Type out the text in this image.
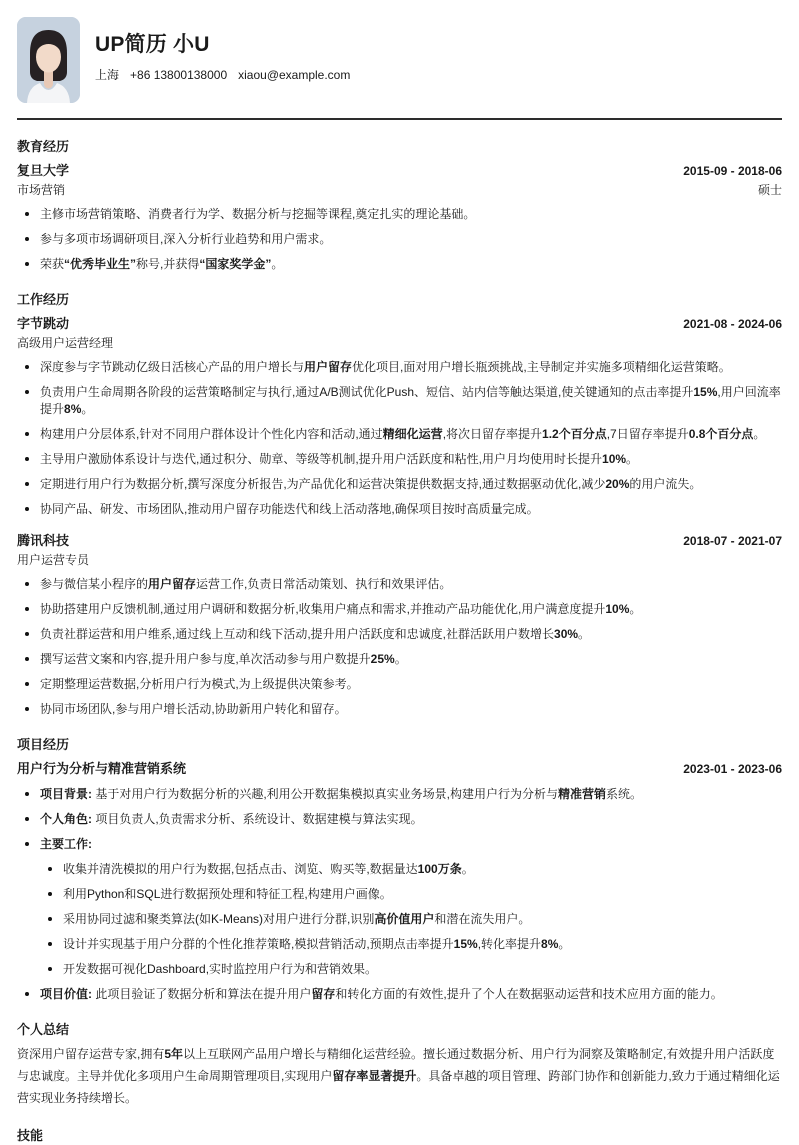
UP简历 小U
上海 +86 13800138000 xiaou@example.com
教育经历
复旦大学	2015-09 - 2018-06
市场营销	硕士
主修市场营销策略、消费者行为学、数据分析与挖掘等课程,奠定扎实的理论基础。
参与多项市场调研项目,深入分析行业趋势和用户需求。
荣获“优秀毕业生”称号,并获得“国家奖学金”。
工作经历
字节跳动	2021-08 - 2024-06
高级用户运营经理
深度参与字节跳动亿级日活核心产品的用户增长与用户留存优化项目,面对用户增长瓶颈挑战,主导制定并实施多项精细化运营策略。
负责用户生命周期各阶段的运营策略制定与执行,通过A/B测试优化Push、短信、站内信等触达渠道,使关键通知的点击率提升15%,用户回流率提升8%。
构建用户分层体系,针对不同用户群体设计个性化内容和活动,通过精细化运营,将次日留存率提升1.2个百分点,7日留存率提升0.8个百分点。
主导用户激励体系设计与迭代,通过积分、勋章、等级等机制,提升用户活跃度和粘性,用户月均使用时长提升10%。
定期进行用户行为数据分析,撰写深度分析报告,为产品优化和运营决策提供数据支持,通过数据驱动优化,减少20%的用户流失。
协同产品、研发、市场团队,推动用户留存功能迭代和线上活动落地,确保项目按时高质量完成。
腾讯科技	2018-07 - 2021-07
用户运营专员
参与微信某小程序的用户留存运营工作,负责日常活动策划、执行和效果评估。
协助搭建用户反馈机制,通过用户调研和数据分析,收集用户痛点和需求,并推动产品功能优化,用户满意度提升10%。
负责社群运营和用户维系,通过线上互动和线下活动,提升用户活跃度和忠诚度,社群活跃用户数增长30%。
撰写运营文案和内容,提升用户参与度,单次活动参与用户数提升25%。
定期整理运营数据,分析用户行为模式,为上级提供决策参考。
协同市场团队,参与用户增长活动,协助新用户转化和留存。
项目经历
用户行为分析与精准营销系统	2023-01 - 2023-06
项目背景: 基于对用户行为数据分析的兴趣,利用公开数据集模拟真实业务场景,构建用户行为分析与精准营销系统。
个人角色: 项目负责人,负责需求分析、系统设计、数据建模与算法实现。
主要工作:
收集并清洗模拟的用户行为数据,包括点击、浏览、购买等,数据量达100万条。
利用Python和SQL进行数据预处理和特征工程,构建用户画像。
采用协同过滤和聚类算法(如K-Means)对用户进行分群,识别高价值用户和潜在流失用户。
设计并实现基于用户分群的个性化推荐策略,模拟营销活动,预期点击率提升15%,转化率提升8%。
开发数据可视化Dashboard,实时监控用户行为和营销效果。
项目价值: 此项目验证了数据分析和算法在提升用户留存和转化方面的有效性,提升了个人在数据驱动运营和技术应用方面的能力。
个人总结

资深用户留存运营专家,拥有5年以上互联网产品用户增长与精细化运营经验。擅长通过数据分析、用户行为洞察及策略制定,有效提升用户活跃度与忠诚度。主导并优化多项用户生命周期管理项目,实现用户留存率显著提升。具备卓越的项目管理、跨部门协作和创新能力,致力于通过精细化运营实现业务持续增长。

技能
